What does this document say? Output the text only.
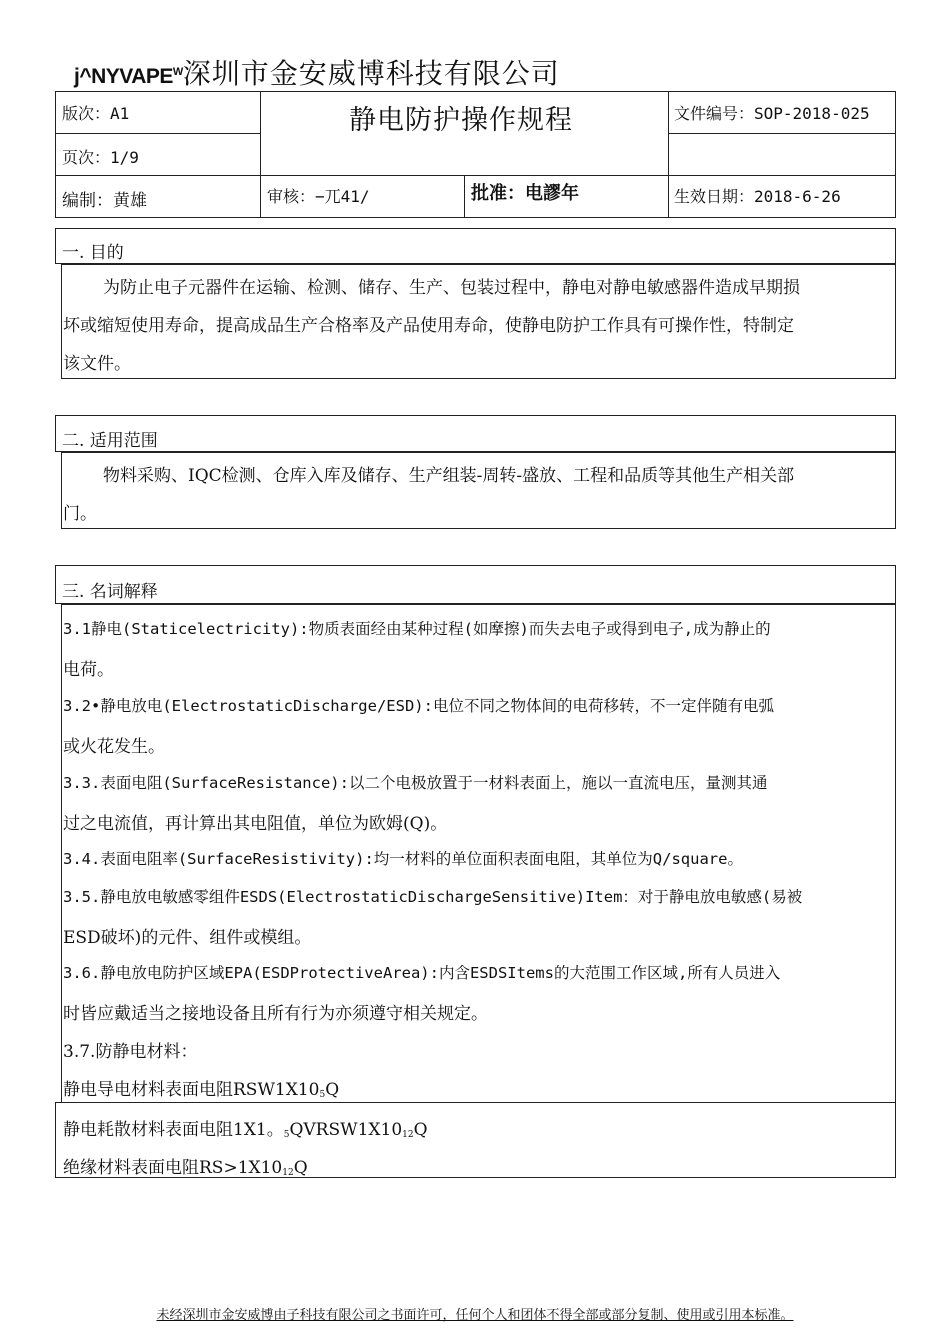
$j\^{}NYVAPE^W$深圳市金安威博科技有限公司
版次：A1
页次：1/9
静电防护操作规程	文件编号：SOP-2018-025
编制：黄雄	审核：−兀41/	批准：电謬年	生效日期：2018-6-26
一. 目的
为防止电子元器件在运输、检测、储存、生产、包装过程中，静电对静电敏感器件造成早期损
坏或缩短使用寿命，提高成品生产合格率及产品使用寿命，使静电防护工作具有可操作性，特制定
该文件。
二. 适用范围
物料采购、IQC检测、仓库入库及储存、生产组装-周转-盛放、工程和品质等其他生产相关部
门。
三. 名词解释
3.1静电(Staticelectricity):物质表面经由某种过程(如摩擦)而失去电子或得到电子,成为静止的
电荷。
3.2•静电放电(ElectrostaticDischarge/ESD):电位不同之物体间的电荷移转，不一定伴随有电弧
或火花发生。
3.3.表面电阻(SurfaceResistance):以二个电极放置于一材料表面上，施以一直流电压，量测其通
过之电流值，再计算出其电阻值，单位为欧姆(Q)。
3.4.表面电阻率(SurfaceResistivity):均一材料的单位面积表面电阻，其单位为Q/square。
3.5.静电放电敏感零组件ESDS(ElectrostaticDischargeSensitive)Item：对于静电放电敏感(易被
ESD破坏)的元件、组件或模组。
3.6.静电放电防护区域EPA(ESDProtectiveArea):内含ESDSItems的大范围工作区域,所有人员进入
时皆应戴适当之接地设备且所有行为亦须遵守相关规定。
3.7.防静电材料：
静电导电材料表面电阻$RSW1X10_5Q$
静电耗散材料表面电阻1X1。$_5QVRSW1X10_{12}Q$
绝缘材料表面电阻$RS>1X10_{12}Q$
未经深圳市金安威博由子科技有限公司之书面许可，任何个人和团体不得全部或部分复制、使用或引用本标准。
